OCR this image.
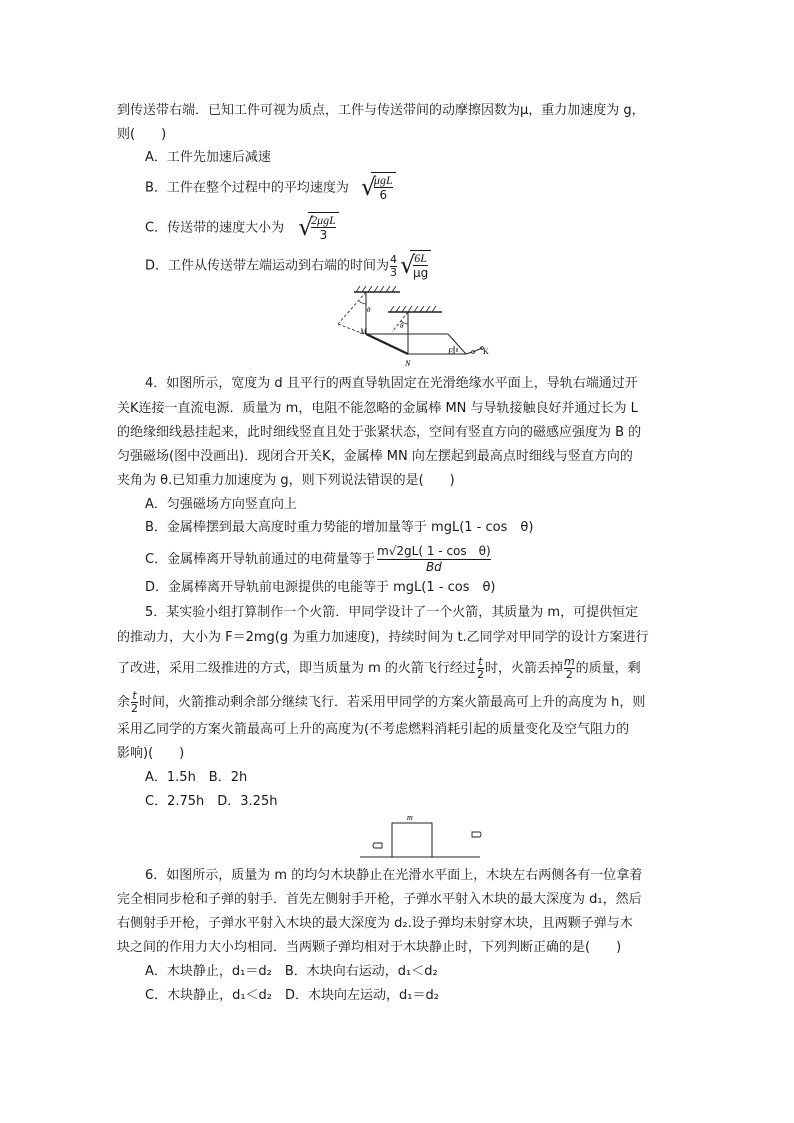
到传送带右端．已知工件可视为质点，工件与传送带间的动摩擦因数为μ，重力加速度为 g，
则(　　)
A．工件先加速后减速
B．工件在整个过程中的平均速度为 √
μgL
6
C．传送带的速度大小为 √
2μgL
3
D．工件从传送带左端运动到右端的时间为 $\frac{4}{3}$ √
$\frac{6L}{\mu g}$
θ
θ
M
N
E	K
4．如图所示，宽度为 d 且平行的两直导轨固定在光滑绝缘水平面上，导轨右端通过开
关K连接一直流电源．质量为 m，电阻不能忽略的金属棒 MN 与导轨接触良好并通过长为 L
的绝缘细线悬挂起来，此时细线竖直且处于张紧状态，空间有竖直方向的磁感应强度为 B 的
匀强磁场(图中没画出)．现闭合开关K，金属棒 MN 向左摆起到最高点时细线与竖直方向的
夹角为 θ.已知重力加速度为 g，则下列说法错误的是(　　)
A．匀强磁场方向竖直向上
B．金属棒摆到最大高度时重力势能的增加量等于 mgL(1 - cos　θ)
C．金属棒离开导轨前通过的电荷量等于 $\frac{\text{m√2gL( 1 - cos　θ)}}{Bd}$
D．金属棒离开导轨前电源提供的电能等于 mgL(1 - cos　θ)
5．某实验小组打算制作一个火箭．甲同学设计了一个火箭，其质量为 m，可提供恒定
的推动力，大小为 F＝2mg(g 为重力加速度)，持续时间为 t.乙同学对甲同学的设计方案进行
了改进，采用二级推进的方式，即当质量为 m 的火箭飞行经过 $\frac{t}{2}$ 时，火箭丢掉 $\frac{m}{2}$ 的质量，剩
余 $\frac{t}{2}$ 时间，火箭推动剩余部分继续飞行．若采用甲同学的方案火箭最高可上升的高度为 h，则
采用乙同学的方案火箭最高可上升的高度为(不考虑燃料消耗引起的质量变化及空气阻力的
影响)(　　)
A．1.5h　B．2h
C．2.75h　D．3.25h
m
6．如图所示，质量为 m 的均匀木块静止在光滑水平面上，木块左右两侧各有一位拿着
完全相同步枪和子弹的射手．首先左侧射手开枪，子弹水平射入木块的最大深度为 d₁，然后
右侧射手开枪，子弹水平射入木块的最大深度为 d₂.设子弹均未射穿木块，且两颗子弹与木
块之间的作用力大小均相同．当两颗子弹均相对于木块静止时，下列判断正确的是(　　)
A．木块静止，d₁＝d₂　B．木块向右运动，d₁＜d₂
C．木块静止，d₁＜d₂　D．木块向左运动，d₁＝d₂
